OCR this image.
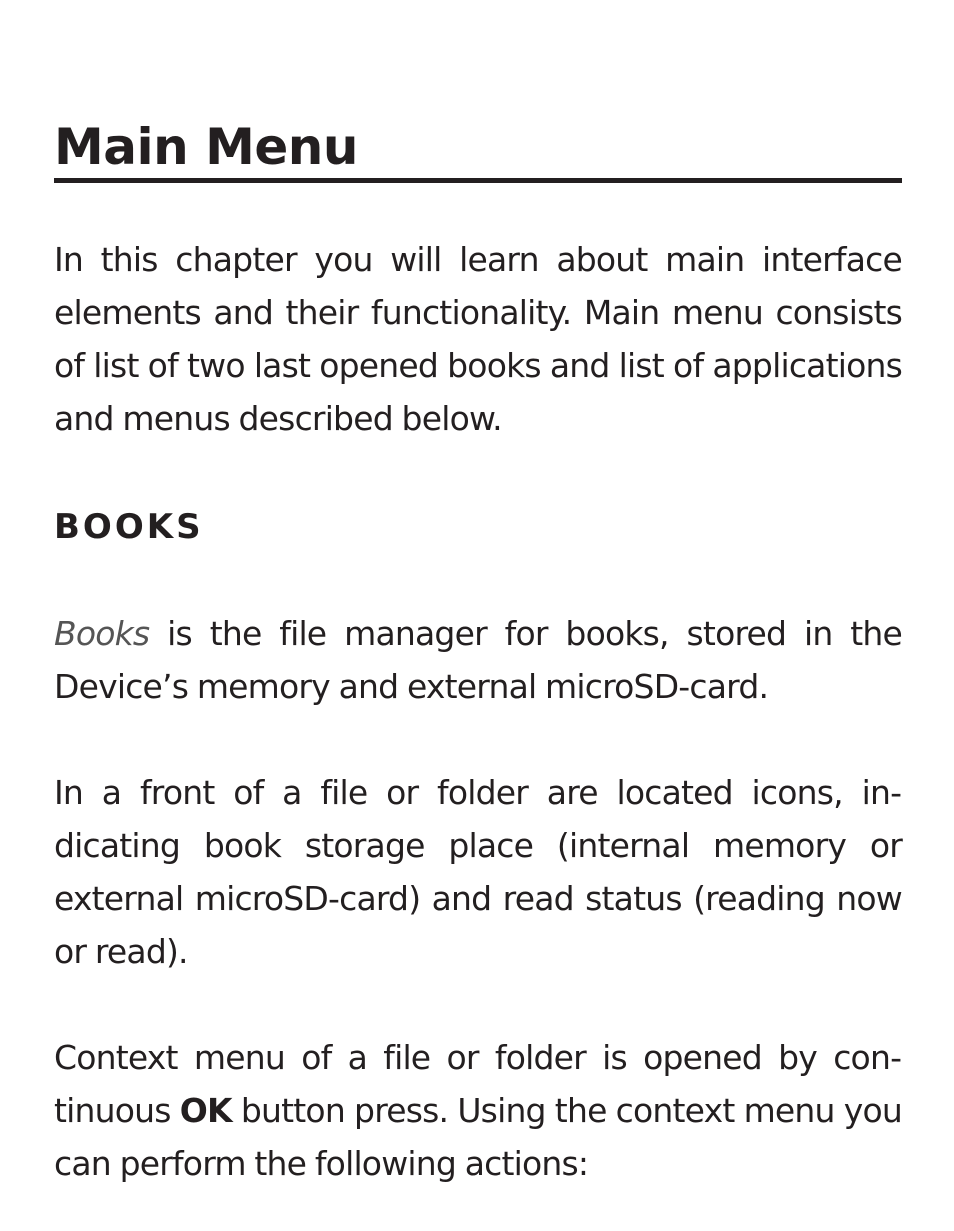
Main Menu

In this chapter you will learn about main interface elements and their functionality. Main menu consists of list of two last opened books and list of applications and menus described below.

BOOKS

Books is the file manager for books, stored in the Device’s memory and external microSD-card.

In a front of a file or folder are located icons, indicating book storage place (internal memory or external microSD-card) and read status (reading now or read).

Context menu of a file or folder is opened by continuous OK button press. Using the context menu you can perform the following actions:
